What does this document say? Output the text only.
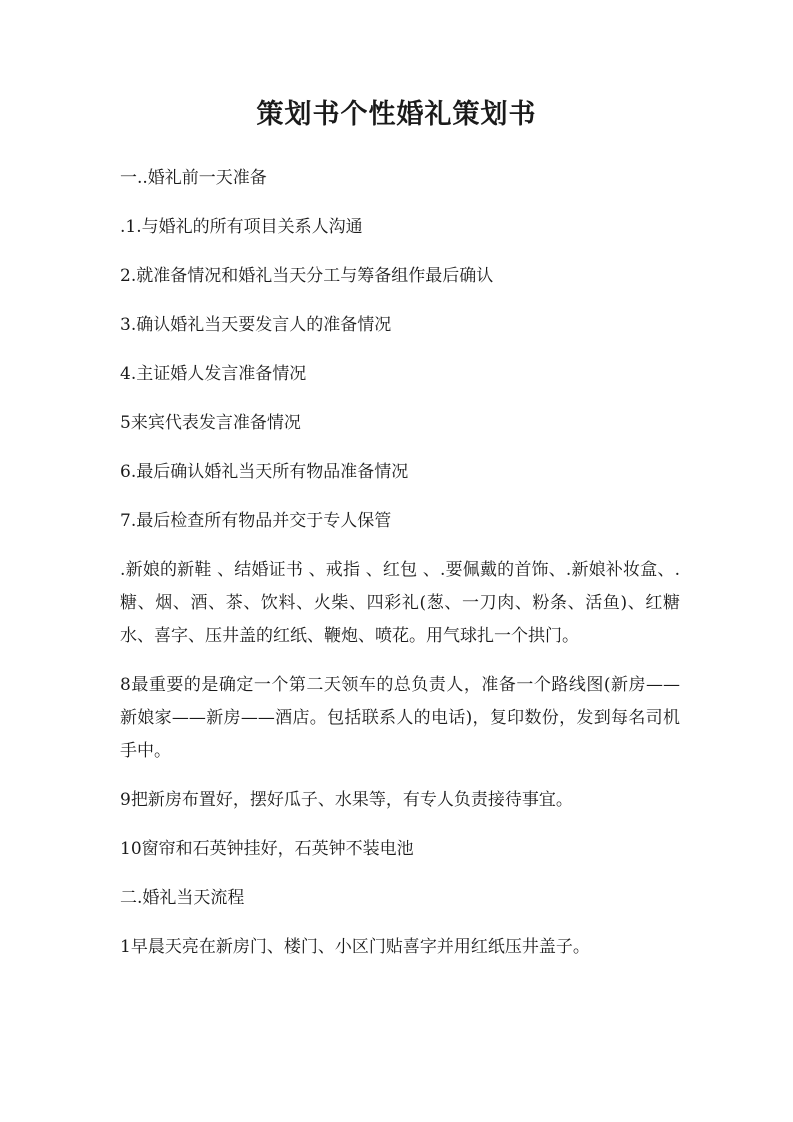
策划书个性婚礼策划书

一..婚礼前一天准备

.1.与婚礼的所有项目关系人沟通

2.就准备情况和婚礼当天分工与筹备组作最后确认

3.确认婚礼当天要发言人的准备情况

4.主证婚人发言准备情况

5来宾代表发言准备情况

6.最后确认婚礼当天所有物品准备情况

7.最后检查所有物品并交于专人保管

.新娘的新鞋 、结婚证书 、戒指 、红包 、.要佩戴的首饰、.新娘补妆盒、.糖、烟、酒、茶、饮料、火柴、四彩礼(葱、一刀肉、粉条、活鱼)、红糖水、喜字、压井盖的红纸、鞭炮、喷花。用气球扎一个拱门。

8最重要的是确定一个第二天领车的总负责人，准备一个路线图(新房——新娘家——新房——酒店。包括联系人的电话)，复印数份，发到每名司机手中。

9把新房布置好，摆好瓜子、水果等，有专人负责接待事宜。

10窗帘和石英钟挂好，石英钟不装电池

二.婚礼当天流程

1早晨天亮在新房门、楼门、小区门贴喜字并用红纸压井盖子。
